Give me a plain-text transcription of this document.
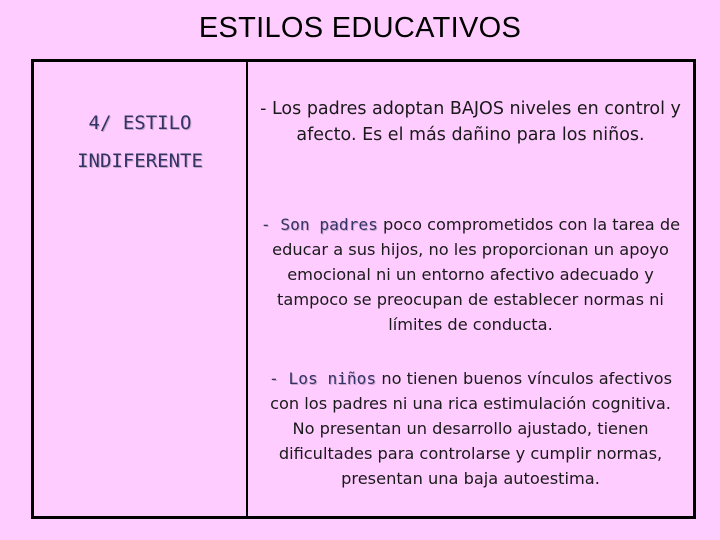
ESTILOS EDUCATIVOS
4/ ESTILO
INDIFERENTE
- Los padres adoptan BAJOS niveles en control y afecto. Es el más dañino para los niños.
- Son padres poco comprometidos con la tarea de educar a sus hijos, no les proporcionan un apoyo emocional ni un entorno afectivo adecuado y tampoco se preocupan de establecer normas ni límites de conducta.
- Los niños no tienen buenos vínculos afectivos con los padres ni una rica estimulación cognitiva. No presentan un desarrollo ajustado, tienen dificultades para controlarse y cumplir normas, presentan una baja autoestima.
